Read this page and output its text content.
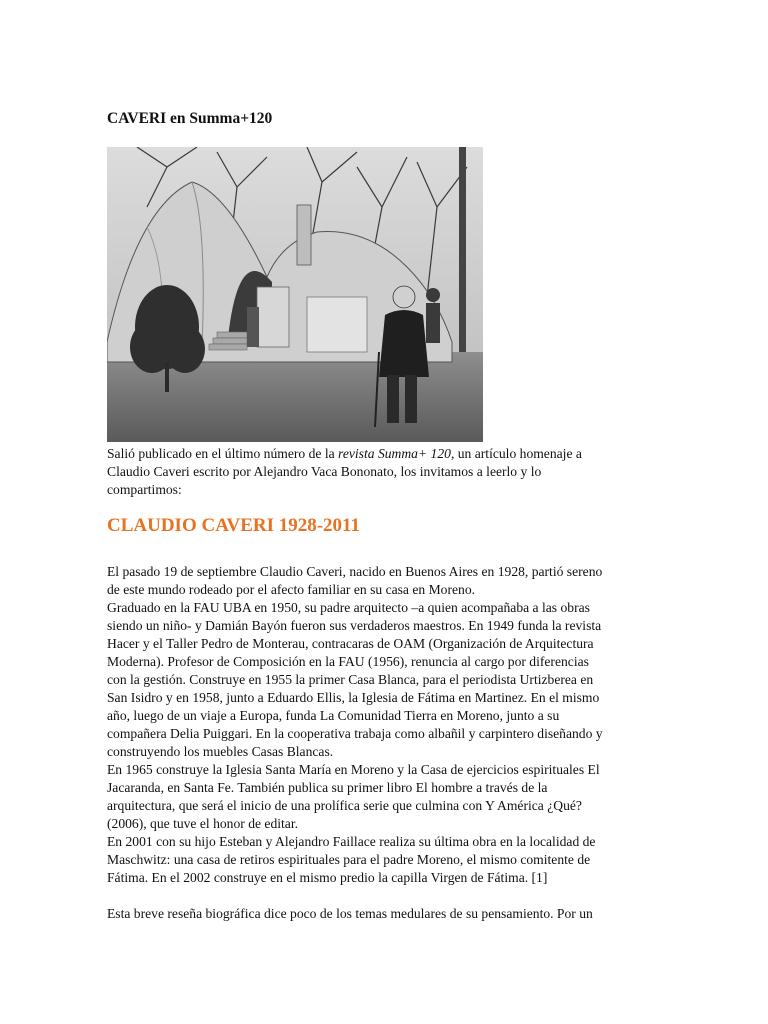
CAVERI en Summa+120
Salió publicado en el último número de la revista Summa+ 120, un artículo homenaje a
Claudio Caveri escrito por Alejandro Vaca Bononato, los invitamos a leerlo y lo
compartimos:
CLAUDIO CAVERI 1928-2011

El pasado 19 de septiembre Claudio Caveri, nacido en Buenos Aires en 1928, partió sereno
de este mundo rodeado por el afecto familiar en su casa en Moreno.

Graduado en la FAU UBA en 1950, su padre arquitecto –a quien acompañaba a las obras
siendo un niño- y Damián Bayón fueron sus verdaderos maestros. En 1949 funda la revista
Hacer y el Taller Pedro de Monterau, contracaras de OAM (Organización de Arquitectura
Moderna). Profesor de Composición en la FAU (1956), renuncia al cargo por diferencias
con la gestión. Construye en 1955 la primer Casa Blanca, para el periodista Urtizberea en
San Isidro y en 1958, junto a Eduardo Ellis, la Iglesia de Fátima en Martinez. En el mismo
año, luego de un viaje a Europa, funda La Comunidad Tierra en Moreno, junto a su
compañera Delia Puiggari. En la cooperativa trabaja como albañil y carpintero diseñando y
construyendo los muebles Casas Blancas.

En 1965 construye la Iglesia Santa María en Moreno y la Casa de ejercicios espirituales El
Jacaranda, en Santa Fe. También publica su primer libro El hombre a través de la
arquitectura, que será el inicio de una prolífica serie que culmina con Y América ¿Qué?
(2006), que tuve el honor de editar.

En 2001 con su hijo Esteban y Alejandro Faillace realiza su última obra en la localidad de
Maschwitz: una casa de retiros espirituales para el padre Moreno, el mismo comitente de
Fátima. En el 2002 construye en el mismo predio la capilla Virgen de Fátima. [1]

Esta breve reseña biográfica dice poco de los temas medulares de su pensamiento. Por un
